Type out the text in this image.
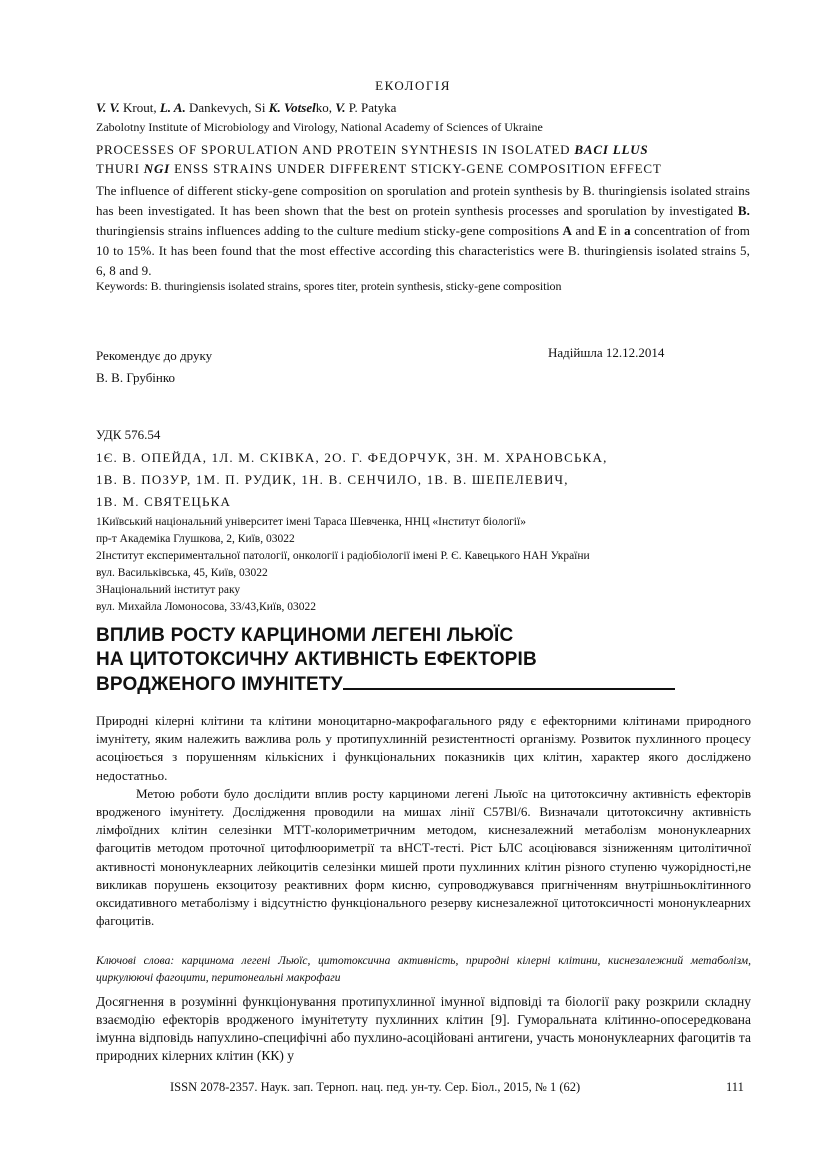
ЕКОЛОГІЯ
V. V. Krout, L. A. Dankevych, Si K. Votselko, V. P. Patyka
Zabolotny Institute of Microbiology and Virology, National Academy of Sciences of Ukraine
PROCESSES OF SPORULATION AND PROTEIN SYNTHESIS IN ISOLATED BACI LLUS
THURI NGI ENSS STRAINS UNDER DIFFERENT STICKY-GENE COMPOSITION EFFECT
The influence of different sticky-gene composition on sporulation and protein synthesis by B. thuringiensis isolated strains has been investigated. It has been shown that the best on protein synthesis processes and sporulation by investigated B. thuringiensis strains influences adding to the culture medium sticky-gene compositions A and E in a concentration of from 10 to 15%. It has been found that the most effective according this characteristics were B. thuringiensis isolated strains 5, 6, 8 and 9.
Keywords: B. thuringiensis isolated strains, spores titer, protein synthesis, sticky-gene composition
Рекомендує до друку
В. В. Грубінко
Надійшла 12.12.2014
УДК 576.54
1Є. В. ОПЕЙДА, 1Л. М. СКІВКА, 2О. Г. ФЕДОРЧУК, 3Н. М. ХРАНОВСЬКА,
1В. В. ПОЗУР, 1М. П. РУДИК, 1Н. В. СЕНЧИЛО, 1В. В. ШЕПЕЛЕВИЧ,
1В. М. СВЯТЕЦЬКА
1Київський національний університет імені Тараса Шевченка, ННЦ «Інститут біології»
пр-т Академіка Глушкова, 2, Київ, 03022
2Інститут експериментальної патології, онкології і радіобіології імені Р. Є. Кавецького НАН України
вул. Васильківська, 45, Київ, 03022
3Національний інститут раку
вул. Михайла Ломоносова, 33/43,Київ, 03022
ВПЛИВ РОСТУ КАРЦИНОМИ ЛЕГЕНІ ЛЬЮЇС
НА ЦИТОТОКСИЧНУ АКТИВНІСТЬ ЕФЕКТОРІВ
ВРОДЖЕНОГО ІМУНІТЕТУ

Природні кілерні клітини та клітини моноцитарно-макрофагального ряду є ефекторними клітинами природного імунітету, яким належить важлива роль у протипухлинній резистентності організму. Розвиток пухлинного процесу асоціюється з порушенням кількісних і функціональних показників цих клітин, характер якого досліджено недостатньо.

Метою роботи було дослідити вплив росту карциноми легені Льюїс на цитотоксичну активність ефекторів вродженого імунітету. Дослідження проводили на мишах лінії C57Bl/6. Визначали цитотоксичну активність лімфоїдних клітин селезінки МТТ-колориметричним методом, киснезалежний метаболізм мононуклеарних фагоцитів методом проточної цитофлюориметрії та вНСТ-тесті. Ріст ЬЛС асоціювався зізниженням цитолітичної активності мононуклеарних лейкоцитів селезінки мишей проти пухлинних клітин різного ступеню чужорідності,не викликав порушень екзоцитозу реактивних форм кисню, супроводжувався пригніченням внутрішньоклітинного оксидативного метаболізму і відсутністю функціонального резерву киснезалежної цитотоксичності мононуклеарних фагоцитів.

Ключові слова: карцинома легені Льюїс, цитотоксична активність, природні кілерні клітини, киснезалежний метаболізм, циркулюючі фагоцити, перитонеальні макрофаги
Досягнення в розумінні функціонування протипухлинної імунної відповіді та біології раку розкрили складну взаємодію ефекторів вродженого імунітетуту пухлинних клітин [9]. Гуморальната клітинно-опосередкована імунна відповідь напухлино-специфічні або пухлино-асоційовані антигени, участь мононуклеарних фагоцитів та природних кілерних клітин (КК) у
ISSN 2078-2357. Наук. зап. Терноп. нац. пед. ун-ту. Сер. Біол., 2015, № 1 (62)	111
